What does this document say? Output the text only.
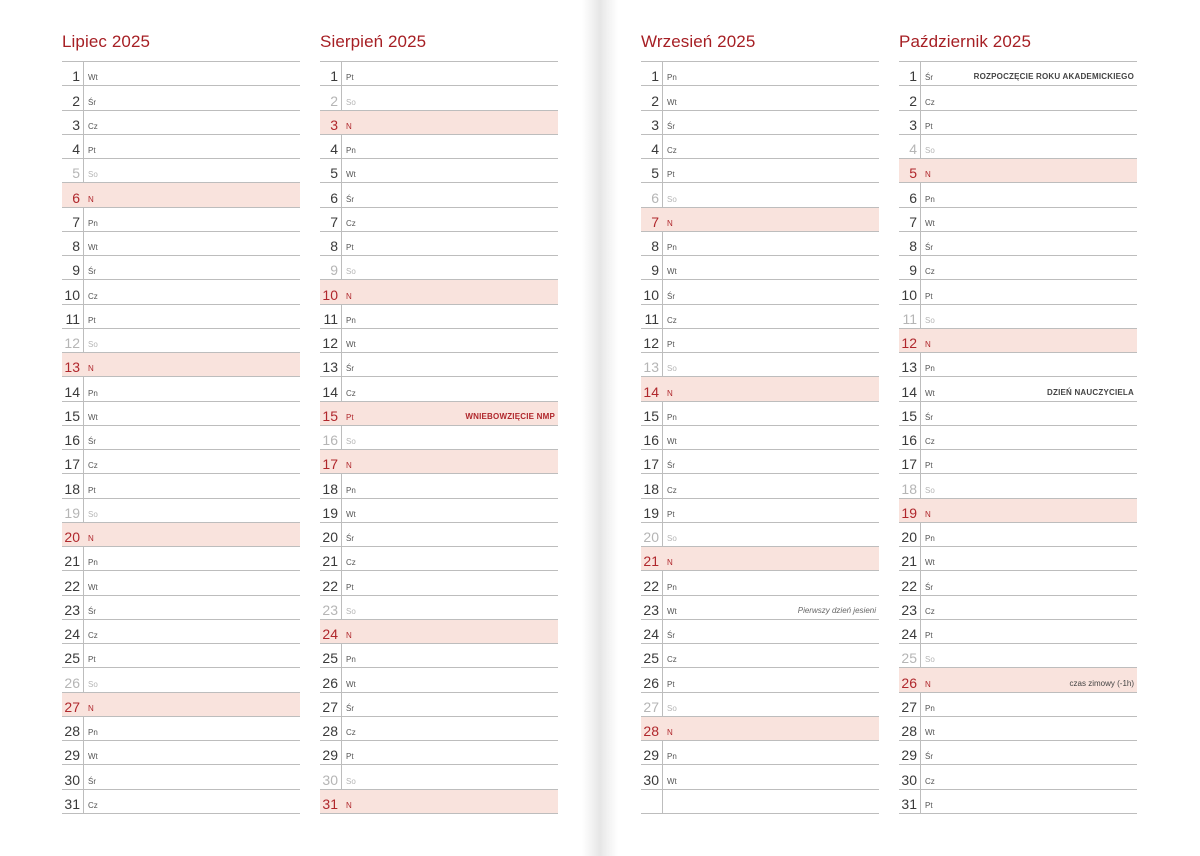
Lipiec 2025
1 Wt
2 Śr
3 Cz
4 Pt
5 So
6 N
7 Pn
8 Wt
9 Śr
10 Cz
11 Pt
12 So
13 N
14 Pn
15 Wt
16 Śr
17 Cz
18 Pt
19 So
20 N
21 Pn
22 Wt
23 Śr
24 Cz
25 Pt
26 So
27 N
28 Pn
29 Wt
30 Śr
31 Cz
Sierpień 2025
1 Pt
2 So
3 N
4 Pn
5 Wt
6 Śr
7 Cz
8 Pt
9 So
10 N
11 Pn
12 Wt
13 Śr
14 Cz
15 Pt	WNIEBOWZIĘCIE NMP
16 So
17 N
18 Pn
19 Wt
20 Śr
21 Cz
22 Pt
23 So
24 N
25 Pn
26 Wt
27 Śr
28 Cz
29 Pt
30 So
31 N
Wrzesień 2025
1 Pn
2 Wt
3 Śr
4 Cz
5 Pt
6 So
7 N
8 Pn
9 Wt
10 Śr
11 Cz
12 Pt
13 So
14 N
15 Pn
16 Wt
17 Śr
18 Cz
19 Pt
20 So
21 N
22 Pn
23 Wt	Pierwszy dzień jesieni
24 Śr
25 Cz
26 Pt
27 So
28 N
29 Pn
30 Wt
Październik 2025
1 Śr	ROZPOCZĘCIE ROKU AKADEMICKIEGO
2 Cz
3 Pt
4 So
5 N
6 Pn
7 Wt
8 Śr
9 Cz
10 Pt
11 So
12 N
13 Pn
14 Wt	DZIEŃ NAUCZYCIELA
15 Śr
16 Cz
17 Pt
18 So
19 N
20 Pn
21 Wt
22 Śr
23 Cz
24 Pt
25 So
26 N	czas zimowy (-1h)
27 Pn
28 Wt
29 Śr
30 Cz
31 Pt
